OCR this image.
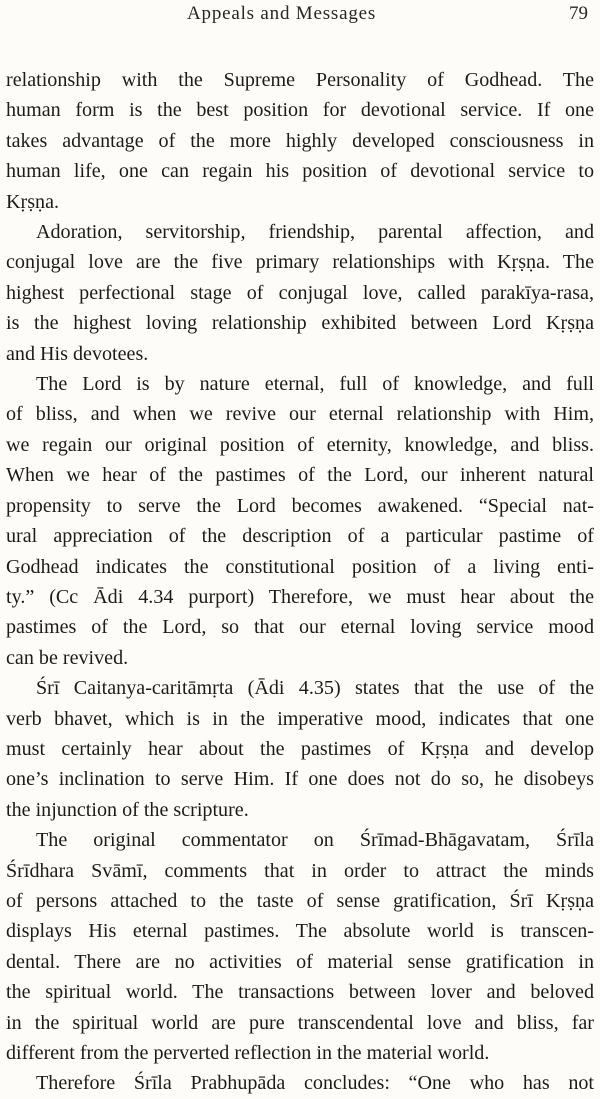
Appeals and Messages	79

relationship with the Supreme Personality of Godhead. The
human form is the best position for devotional service. If one
takes advantage of the more highly developed consciousness in
human life, one can regain his position of devotional service to
Kṛṣṇa.

Adoration, servitorship, friendship, parental affection, and
conjugal love are the five primary relationships with Kṛṣṇa. The
highest perfectional stage of conjugal love, called parakīya-rasa,
is the highest loving relationship exhibited between Lord Kṛṣṇa
and His devotees.

The Lord is by nature eternal, full of knowledge, and full
of bliss, and when we revive our eternal relationship with Him,
we regain our original position of eternity, knowledge, and bliss.
When we hear of the pastimes of the Lord, our inherent natural
propensity to serve the Lord becomes awakened. “Special nat-
ural appreciation of the description of a particular pastime of
Godhead indicates the constitutional position of a living enti-
ty.” (Cc Ādi 4.34 purport) Therefore, we must hear about the
pastimes of the Lord, so that our eternal loving service mood
can be revived.

Śrī Caitanya-caritāmṛta (Ādi 4.35) states that the use of the
verb bhavet, which is in the imperative mood, indicates that one
must certainly hear about the pastimes of Kṛṣṇa and develop
one’s inclination to serve Him. If one does not do so, he disobeys
the injunction of the scripture.

The original commentator on Śrīmad-Bhāgavatam, Śrīla
Śrīdhara Svāmī, comments that in order to attract the minds
of persons attached to the taste of sense gratification, Śrī Kṛṣṇa
displays His eternal pastimes. The absolute world is transcen-
dental. There are no activities of material sense gratification in
the spiritual world. The transactions between lover and beloved
in the spiritual world are pure transcendental love and bliss, far
different from the perverted reflection in the material world.

Therefore Śrīla Prabhupāda concludes: “One who has not
